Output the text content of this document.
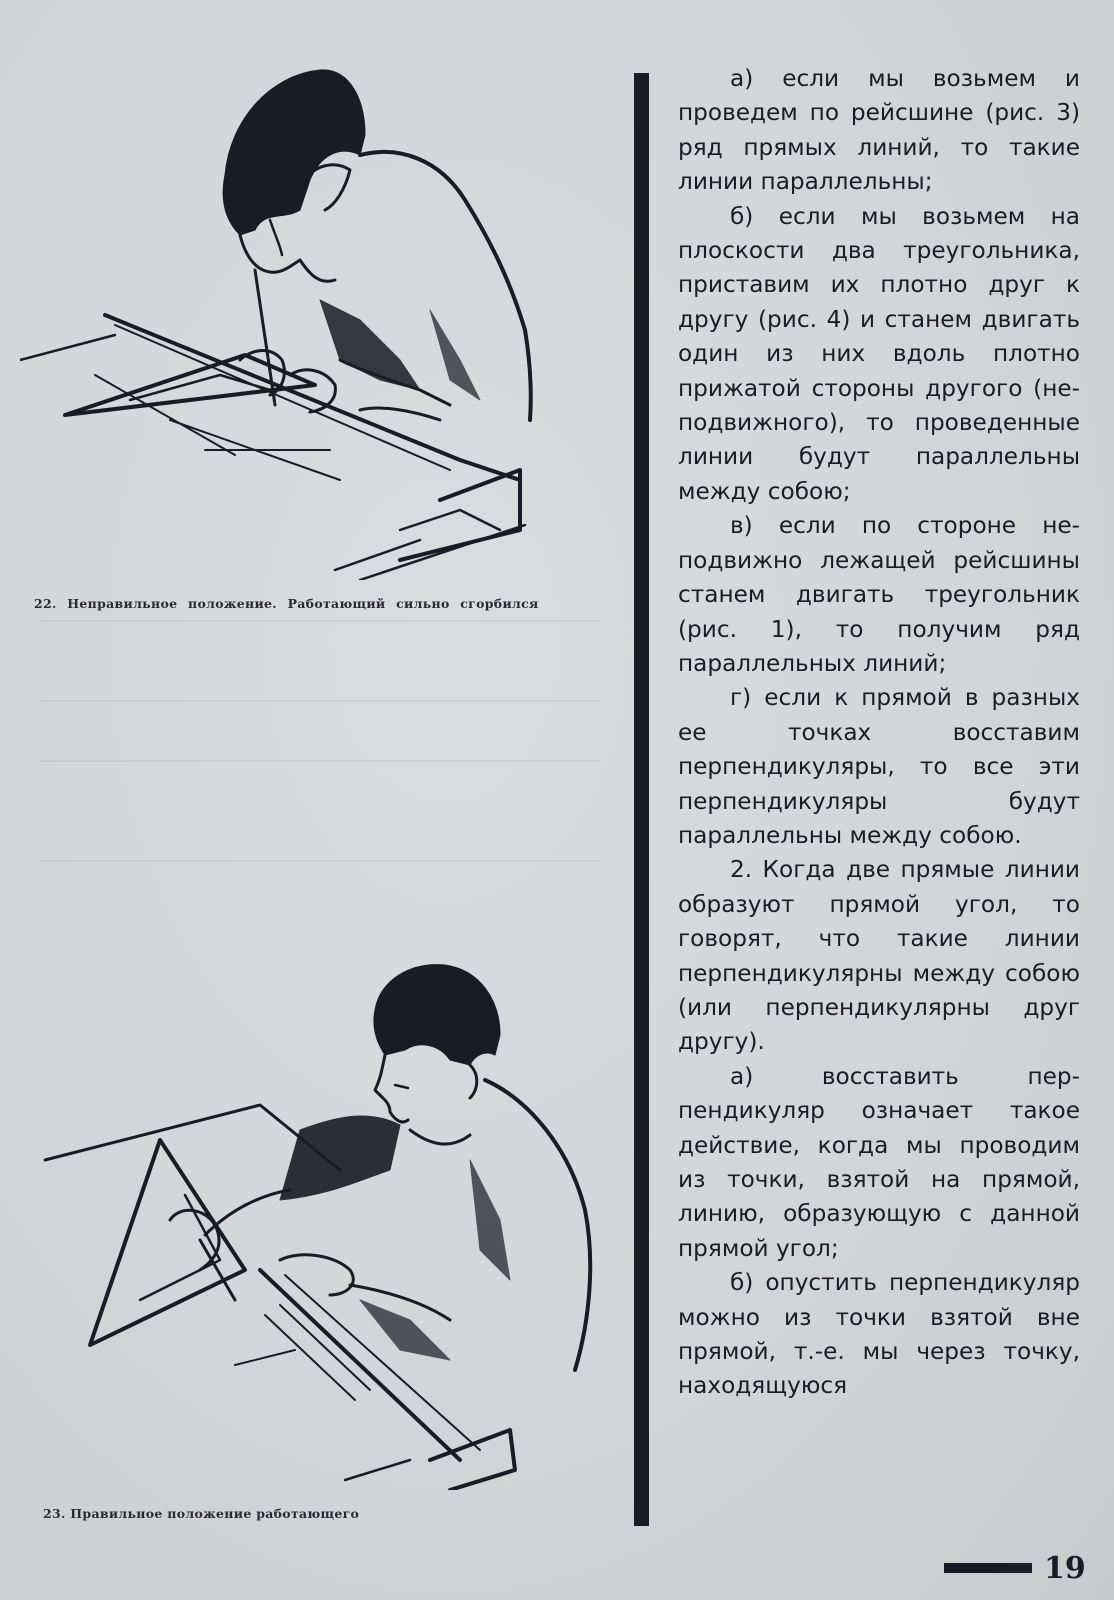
22. Неправильное положение. Работающий сильно сгорбился
23. Правильное положение работающего

а) если мы возьмем и проведем по рейсшине (рис. 3) ряд прямых линий, то такие линии параллельны;

б) если мы возьмем на плоскости два треугольника, приставим их плотно друг к другу (рис. 4) и станем двигать один из них вдоль плотно прижатой стороны другого (неподвижного), то проведенные линии будут параллельны между собою;

в) если по стороне неподвижно лежащей рейсшины станем двигать треугольник (рис. 1), то получим ряд параллельных линий;

г) если к прямой в разных ее точках восставим перпендикуляры, то все эти перпендикуляры будут параллельны между собою.

2. Когда две прямые линии образуют прямой угол, то говорят, что такие линии перпендикулярны между собою (или перпендикулярны друг другу).

а) восставить перпендикуляр означает такое действие, когда мы проводим из точки, взятой на прямой, линию, образующую с данной прямой угол;

б) опустить перпендикуляр можно из точки взятой вне прямой, т.-е. мы через точку, находящуюся

19
